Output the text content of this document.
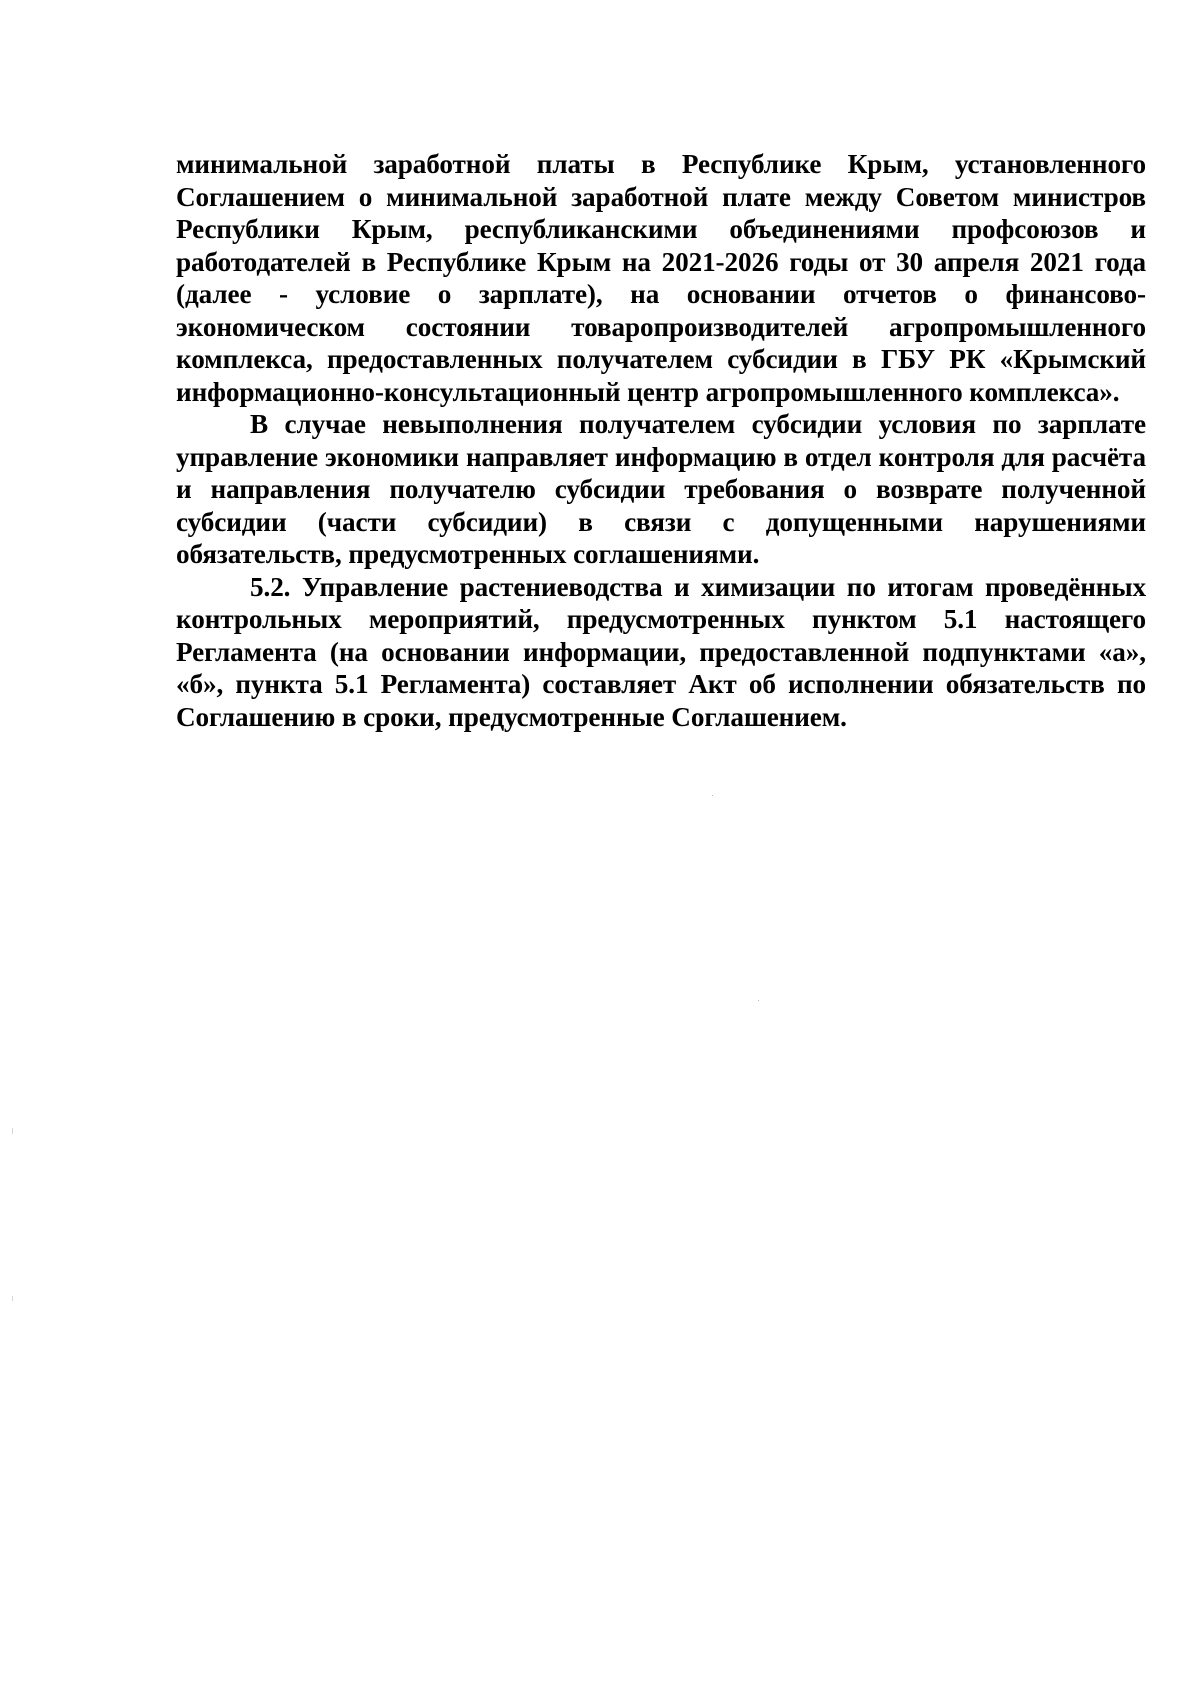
минимальной заработной платы в Республике Крым, установленного Соглашением о минимальной заработной плате между Советом министров Республики Крым, республиканскими объединениями профсоюзов и работодателей в Республике Крым на 2021-2026 годы от 30 апреля 2021 года (далее - условие о зарплате), на основании отчетов о финансово-экономическом состоянии товаропроизводителей агропромышленного комплекса, предоставленных получателем субсидии в ГБУ РК «Крымский информационно-консультационный центр агропромышленного комплекса».

В случае невыполнения получателем субсидии условия по зарплате управление экономики направляет информацию в отдел контроля для расчёта и направления получателю субсидии требования о возврате полученной субсидии (части субсидии) в связи с допущенными нарушениями обязательств, предусмотренных соглашениями.

5.2. Управление растениеводства и химизации по итогам проведённых контрольных мероприятий, предусмотренных пунктом 5.1 настоящего Регламента (на основании информации, предоставленной подпунктами «а», «б», пункта 5.1 Регламента) составляет Акт об исполнении обязательств по Соглашению в сроки, предусмотренные Соглашением.
